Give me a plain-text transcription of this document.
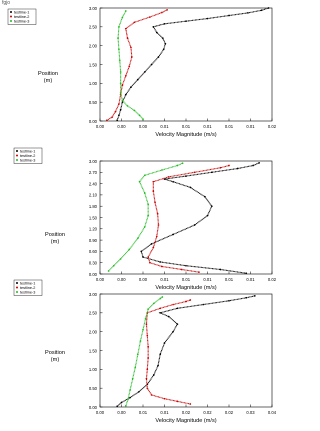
fgjo
0.00
0.50
1.00
1.50
2.00
2.50
3.00
0.00	0.00	0.00	0.01	0.01	0.01	0.01	0.01	0.02
Velocity Magnitude (m/s)
Position
(m)
testline-1
testline-2
testline-3
0.00
0.30
0.60
0.90
1.20
1.50
1.80
2.10
2.40
2.70
3.00
0.00	0.00	0.00	0.01	0.01	0.01	0.01	0.01	0.02
Velocity Magnitude (m/s)
Position
(m)
testline-1
testline-2
testline-3
0.00
0.50
1.00
1.50
2.00
2.50
3.00
0.00	0.00	0.01	0.01	0.02	0.02	0.02	0.03	0.04
Velocity Magnitude (m/s)
Position
(m)
testline-1
testline-2
testline-3
